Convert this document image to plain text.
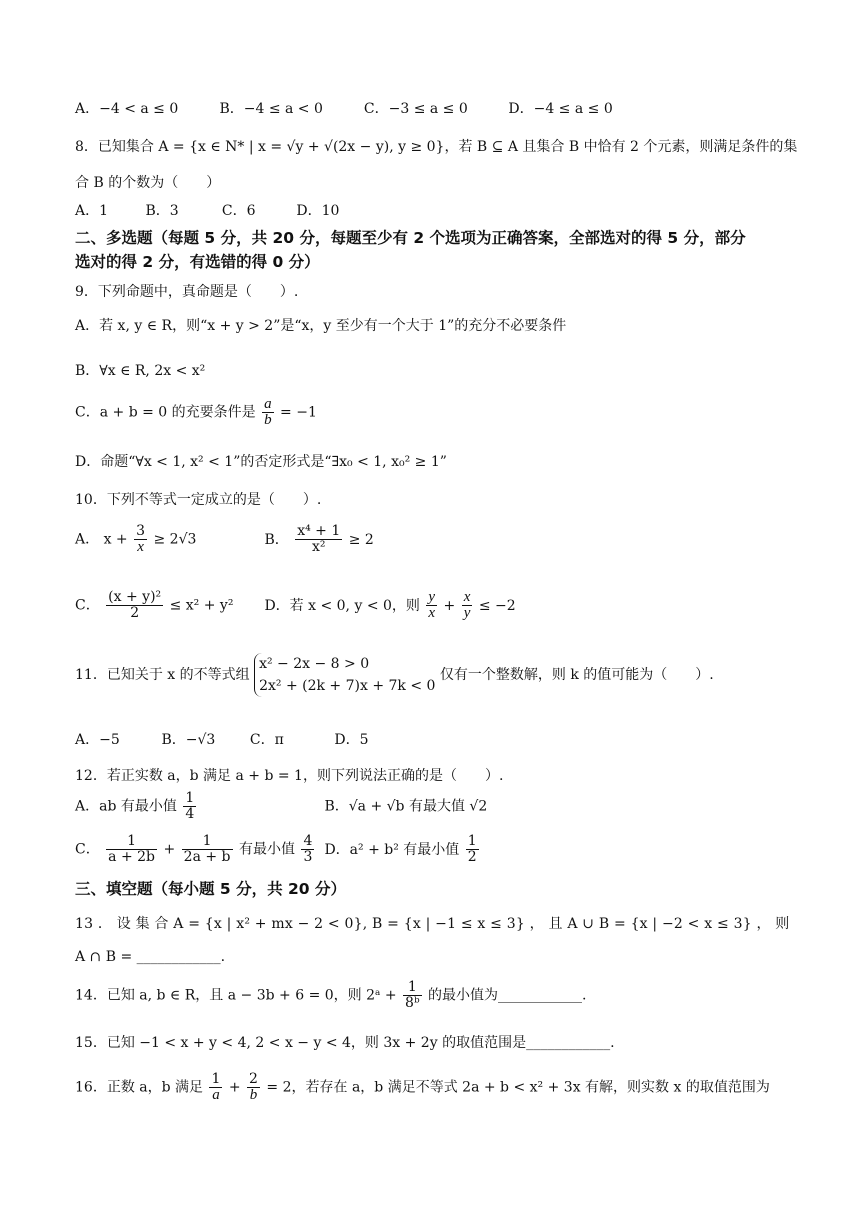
A．−4 < a ≤ 0	B．−4 ≤ a < 0	C．−3 ≤ a ≤ 0	D．−4 ≤ a ≤ 0
8．已知集合 A = {x ∈ N* | x = √y + √(2x − y), y ≥ 0}，若 B ⊆ A 且集合 B 中恰有 2 个元素，则满足条件的集
合 B 的个数为（　　）
A．1	B．3	C．6	D．10
二、多选题（每题 5 分，共 20 分，每题至少有 2 个选项为正确答案，全部选对的得 5 分，部分
选对的得 2 分，有选错的得 0 分）
9．下列命题中，真命题是（　　）.
A．若 x, y ∈ R，则“x + y > 2”是“x，y 至少有一个大于 1”的充分不必要条件
B．∀x ∈ R, 2x < x²
C．a + b = 0 的充要条件是 $\frac{a}{b} = -1$
D．命题“∀x < 1, x² < 1”的否定形式是“∃x₀ < 1, x₀² ≥ 1”
10．下列不等式一定成立的是（　　）.
A． $x + \frac{3}{x} \ge 2√3$	B． $\frac{\text{x⁴ + 1}}{\text{x²}} \ge 2$
C． $\frac{\text{(x + y)²}}{2} \le x^2 + y^2$ D．若 x < 0, y < 0，则 $\frac{y}{x} + \frac{x}{y} \le -2$
11．已知关于 x 的不等式组
x² − 2x − 8 > 0
2x² + (2k + 7)x + 7k < 0
仅有一个整数解，则 k 的值可能为（　　）.
A．−5	B．−√3 C．π	D．5
12．若正实数 a，b 满足 a + b = 1，则下列说法正确的是（　　）.
A．ab 有最小值 $\frac{1}{4}$	B．√a + √b 有最大值 √2
C． $\frac{1}{a + 2b} + \frac{1}{2a + b}$ 有最小值 $\frac{4}{3}$ D．a² + b² 有最小值 $\frac{1}{2}$
三、填空题（每小题 5 分，共 20 分）
13 ． 设 集 合 A = {x | x² + mx − 2 < 0}, B = {x | −1 ≤ x ≤ 3} ， 且 A ∪ B = {x | −2 < x ≤ 3} ， 则
A ∩ B = ____________.
14．已知 a, b ∈ R，且 a − 3b + 6 = 0，则 2ᵃ + $\frac{1}{\text{8ᵇ}}$ 的最小值为____________.
15．已知 −1 < x + y < 4, 2 < x − y < 4，则 3x + 2y 的取值范围是____________.
16．正数 a，b 满足 $\frac{1}{a} + \frac{2}{b} = 2$，若存在 a，b 满足不等式 2a + b < x² + 3x 有解，则实数 x 的取值范围为
